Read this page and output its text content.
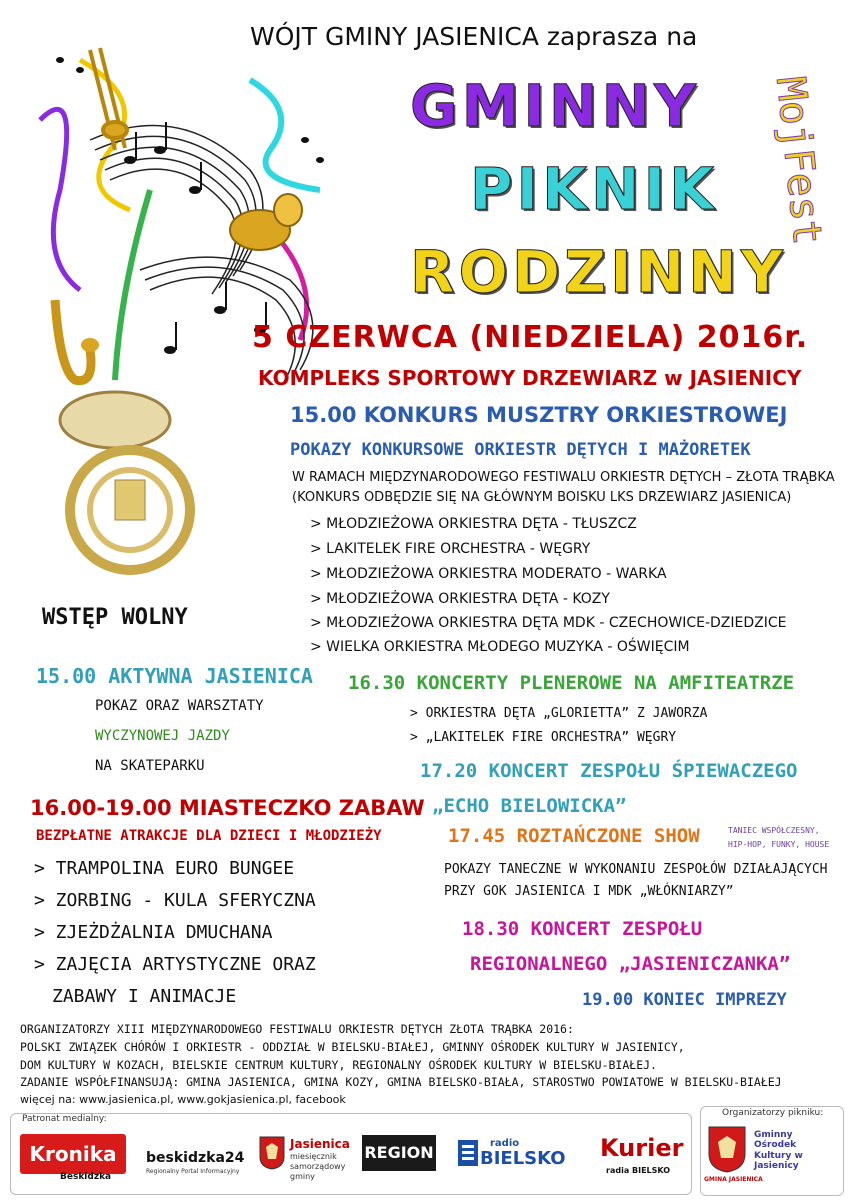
WÓJT GMINY JASIENICA zaprasza na
GMINNY
PIKNIK
RODZINNY
MojFest
5 CZERWCA (NIEDZIELA) 2016r.
KOMPLEKS SPORTOWY DRZEWIARZ w JASIENICY
15.00 KONKURS MUSZTRY ORKIESTROWEJ
POKAZY KONKURSOWE ORKIESTR DĘTYCH I MAŻORETEK
W RAMACH MIĘDZYNARODOWEGO FESTIWALU ORKIESTR DĘTYCH – ZŁOTA TRĄBKA
(KONKURS ODBĘDZIE SIĘ NA GŁÓWNYM BOISKU LKS DRZEWIARZ JASIENICA)
> MŁODZIEŻOWA ORKIESTRA DĘTA - TŁUSZCZ
> LAKITELEK FIRE ORCHESTRA - WĘGRY
> MŁODZIEŻOWA ORKIESTRA MODERATO - WARKA
> MŁODZIEŻOWA ORKIESTRA DĘTA - KOZY
> MŁODZIEŻOWA ORKIESTRA DĘTA MDK - CZECHOWICE-DZIEDZICE
> WIELKA ORKIESTRA MŁODEGO MUZYKA - OŚWIĘCIM
WSTĘP WOLNY
15.00 AKTYWNA JASIENICA
POKAZ ORAZ WARSZTATY
WYCZYNOWEJ JAZDY
NA SKATEPARKU
16.30 KONCERTY PLENEROWE NA AMFITEATRZE
> ORKIESTRA DĘTA „GLORIETTA” Z JAWORZA
> „LAKITELEK FIRE ORCHESTRA” WĘGRY
17.20 KONCERT ZESPOŁU ŚPIEWACZEGO
„ECHO BIELOWICKA”
16.00-19.00 MIASTECZKO ZABAW
BEZPŁATNE ATRAKCJE DLA DZIECI I MŁODZIEŻY
> TRAMPOLINA EURO BUNGEE
> ZORBING - KULA SFERYCZNA
> ZJEŻDŻALNIA DMUCHANA
> ZAJĘCIA ARTYSTYCZNE ORAZ
ZABAWY I ANIMACJE
17.45 ROZTAŃCZONE SHOW	TANIEC WSPÓŁCZESNY,
HIP-HOP, FUNKY, HOUSE
POKAZY TANECZNE W WYKONANIU ZESPOŁÓW DZIAŁAJĄCYCH
PRZY GOK JASIENICA I MDK „WŁÓKNIARZY”
18.30 KONCERT ZESPOŁU
REGIONALNEGO „JASIENICZANKA”
19.00 KONIEC IMPREZY
ORGANIZATORZY XIII MIĘDZYNARODOWEGO FESTIWALU ORKIESTR DĘTYCH ZŁOTA TRĄBKA 2016:
POLSKI ZWIĄZEK CHÓRÓW I ORKIESTR - ODDZIAŁ W BIELSKU-BIAŁEJ, GMINNY OŚRODEK KULTURY W JASIENICY,
DOM KULTURY W KOZACH, BIELSKIE CENTRUM KULTURY, REGIONALNY OŚRODEK KULTURY W BIELSKU-BIAŁEJ.
ZADANIE WSPÓŁFINANSUJĄ: GMINA JASIENICA, GMINA KOZY, GMINA BIELSKO-BIAŁA, STAROSTWO POWIATOWE W BIELSKU-BIAŁEJ
więcej na: www.jasienica.pl, www.gokjasienica.pl, facebook
Patronat medialny:
Organizatorzy pikniku:
Kronika
Beskidzka
beskidzka24
Regionalny Portal Informacyjny
Jasienica
miesięcznik
samorządowy
gminy
REGION	radio
BIELSKO Kurier
radia BIELSKO
GMINA JASIENICA
Gminny Ośrodek Kultury w Jasienicy
